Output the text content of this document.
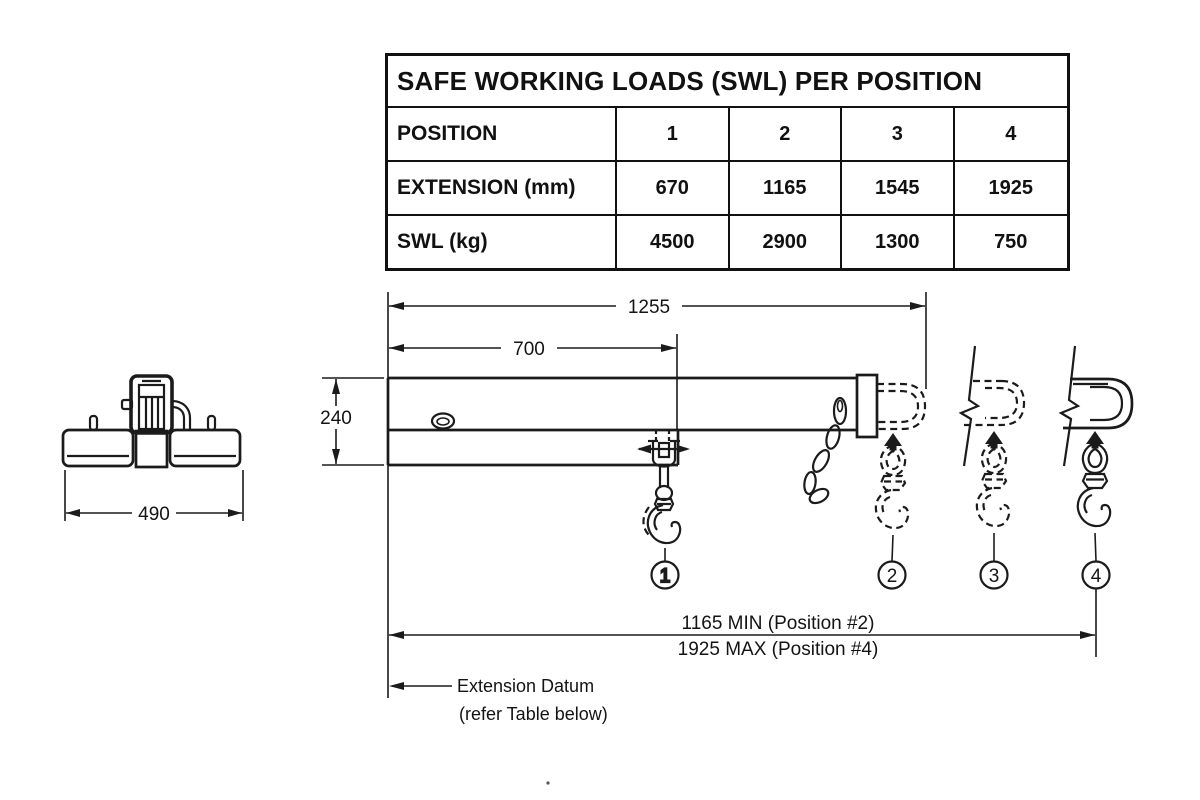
SAFE WORKING LOADS (SWL) PER POSITION
POSITION	1	2	3	4
EXTENSION (mm)	670	1165	1545	1925
SWL (kg)	4500	2900	1300	750
490
1	2	3	4
1255
700
240
1165 MIN (Position #2)
1925 MAX (Position #4)
Extension Datum
(refer Table below)
